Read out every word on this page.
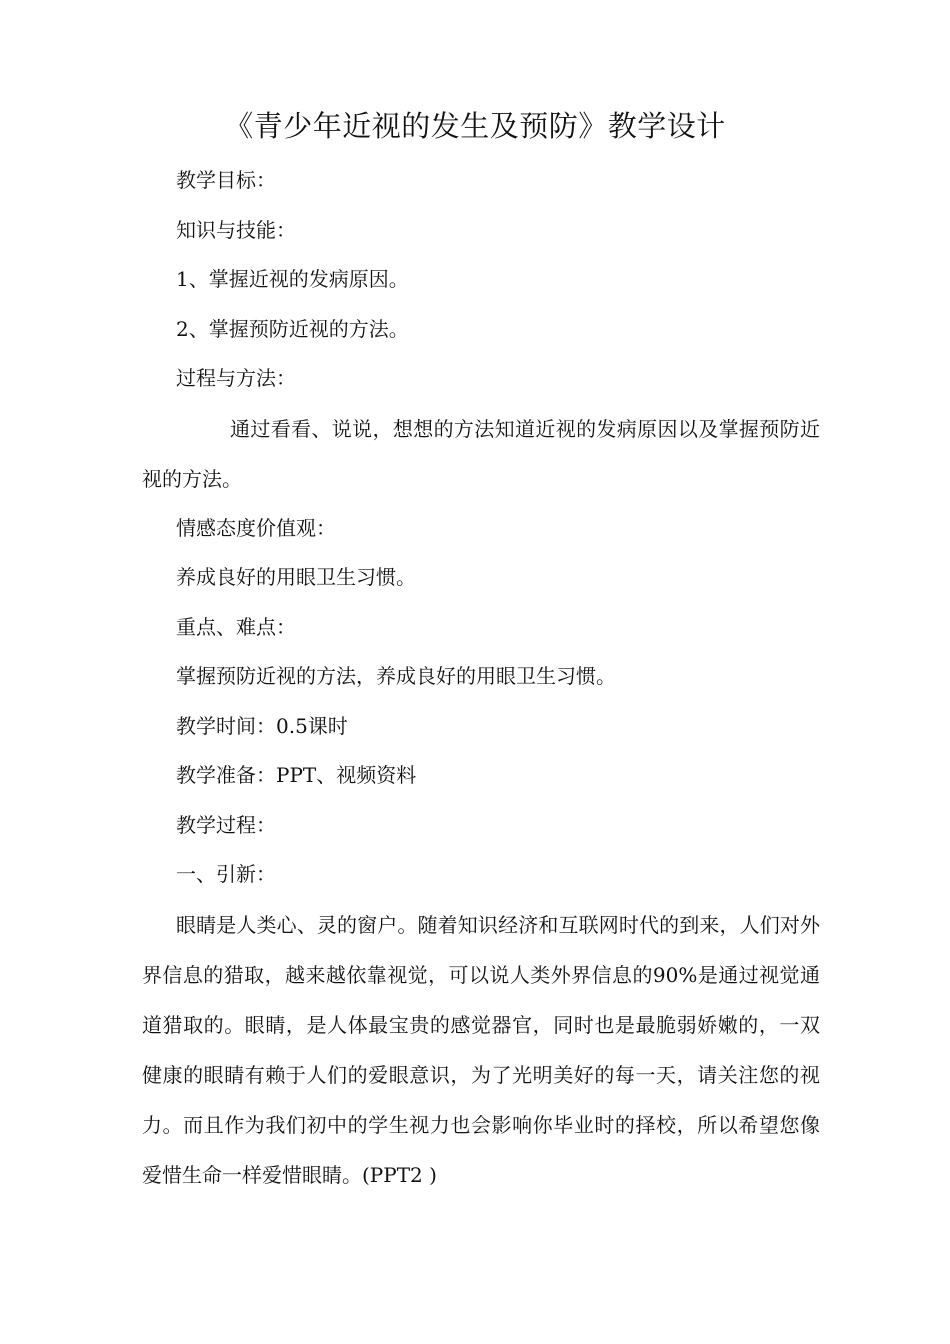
《青少年近视的发生及预防》教学设计

教学目标：

知识与技能：

1、掌握近视的发病原因。

2、掌握预防近视的方法。

过程与方法：

通过看看、说说，想想的方法知道近视的发病原因以及掌握预防近视的方法。

情感态度价值观：

养成良好的用眼卫生习惯。

重点、难点：

掌握预防近视的方法，养成良好的用眼卫生习惯。

教学时间：0.5课时

教学准备：PPT、视频资料

教学过程：

一、引新：

眼睛是人类心、灵的窗户。随着知识经济和互联网时代的到来，人们对外界信息的猎取，越来越依靠视觉，可以说人类外界信息的90%是通过视觉通道猎取的。眼睛，是人体最宝贵的感觉器官，同时也是最脆弱娇嫩的，一双健康的眼睛有赖于人们的爱眼意识，为了光明美好的每一天，请关注您的视力。而且作为我们初中的学生视力也会影响你毕业时的择校，所以希望您像爱惜生命一样爱惜眼睛。(PPT2 )
